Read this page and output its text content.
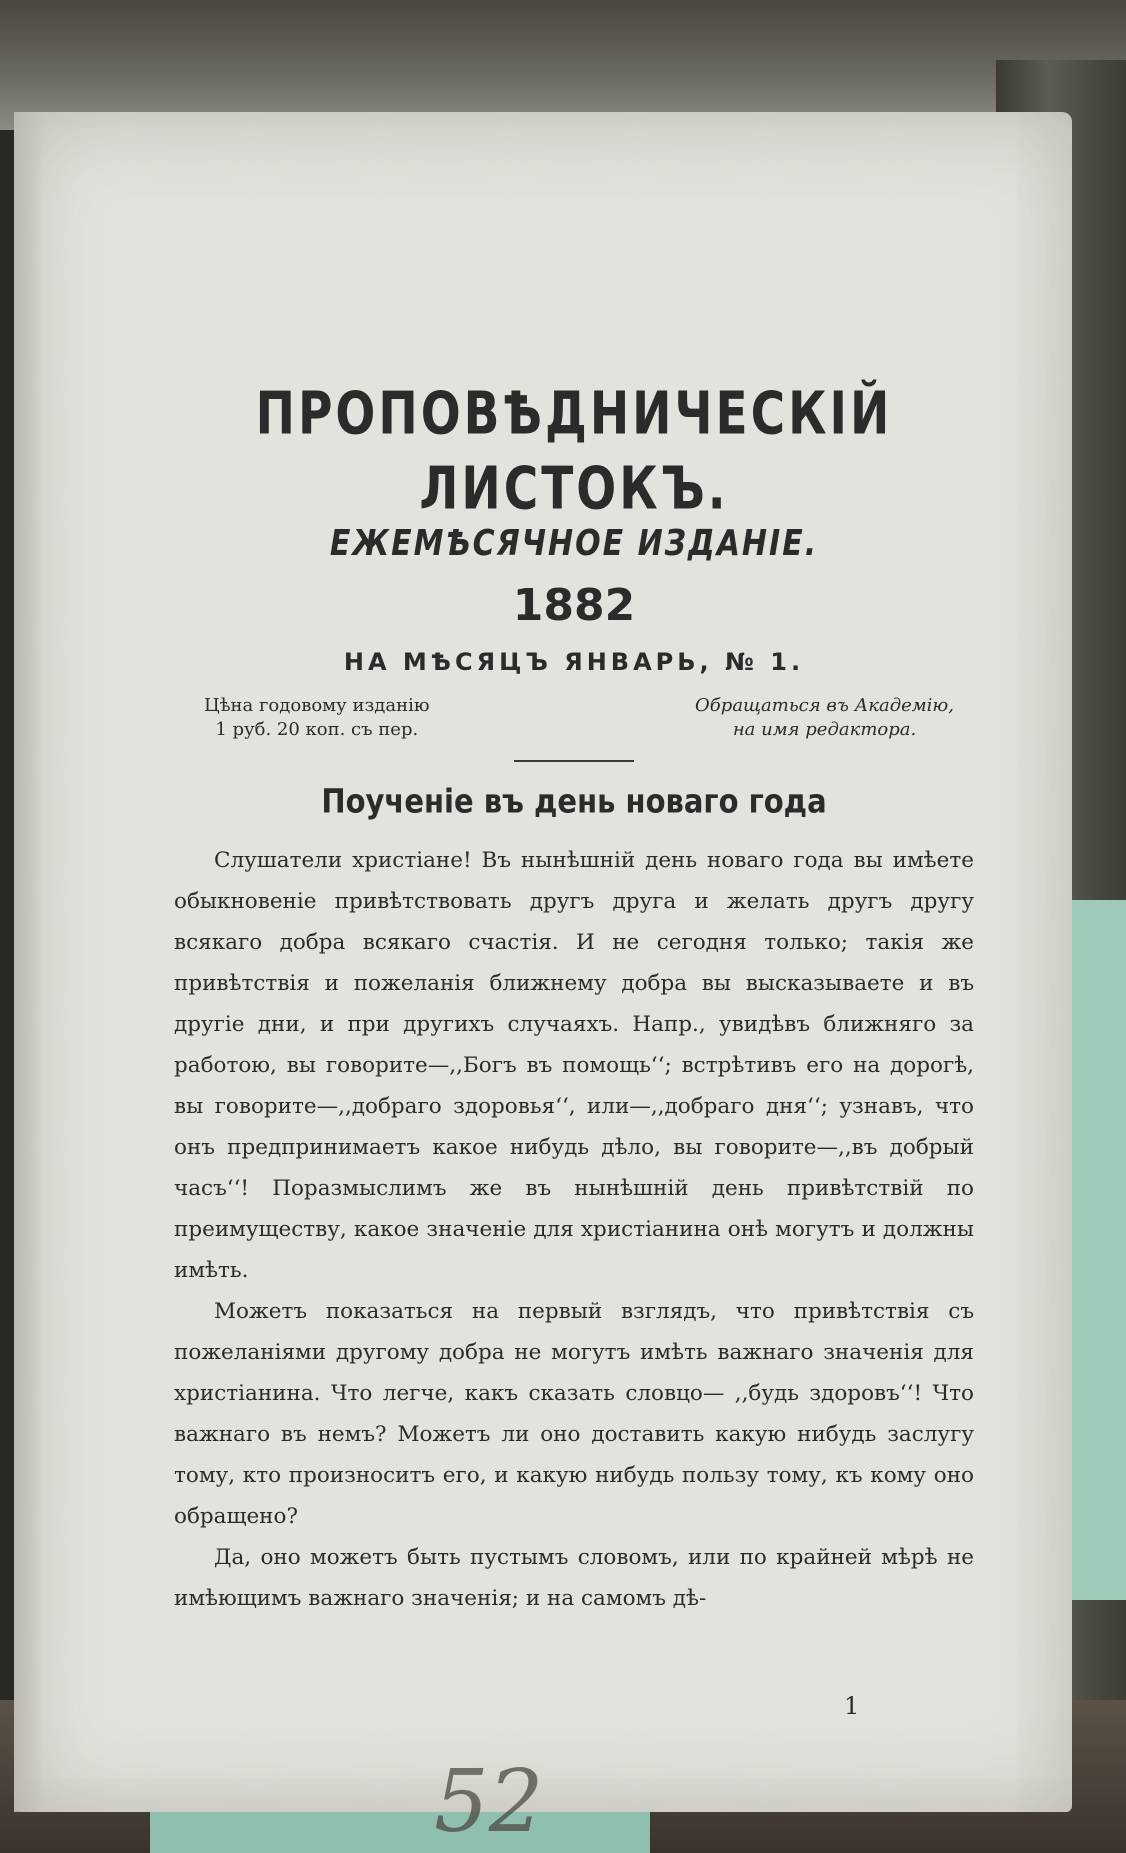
ПРОПОВѢДНИЧЕСКІЙ ЛИСТОКЪ.
ЕЖЕМѢСЯЧНОЕ ИЗДАНІЕ.
1882
НА МѢСЯЦЪ ЯНВАРЬ, № 1.
Цѣна годовому изданію
1 руб. 20 коп. съ пер.
Обращаться въ Академію,
на имя редактора.
Поученіе въ день новаго года

Слушатели христіане! Въ нынѣшній день новаго года вы имѣете обыкновеніе привѣтствовать другъ друга и желать другъ другу всякаго добра всякаго счастія. И не сегодня только; такія же привѣтствія и пожеланія ближнему добра вы высказываете и въ другіе дни, и при другихъ случаяхъ. Напр., увидѣвъ ближняго за работою, вы говорите—,,Богъ въ помощь‘‘; встрѣтивъ его на дорогѣ, вы говорите—,,добраго здоровья‘‘, или—,,добраго дня‘‘; узнавъ, что онъ предпринимаетъ какое нибудь дѣло, вы говорите—,,въ добрый часъ‘‘! Поразмыслимъ же въ нынѣшній день привѣтствій по преимуществу, какое значеніе для христіанина онѣ могутъ и должны имѣть.

Можетъ показаться на первый взглядъ, что привѣтствія съ пожеланіями другому добра не могутъ имѣть важнаго значенія для христіанина. Что легче, какъ сказать словцо— ,,будь здоровъ‘‘! Что важнаго въ немъ? Можетъ ли оно доставить какую нибудь заслугу тому, кто произноситъ его, и какую нибудь пользу тому, къ кому оно обращено?

Да, оно можетъ быть пустымъ словомъ, или по крайней мѣрѣ не имѣющимъ важнаго значенія; и на самомъ дѣ-

1
52
